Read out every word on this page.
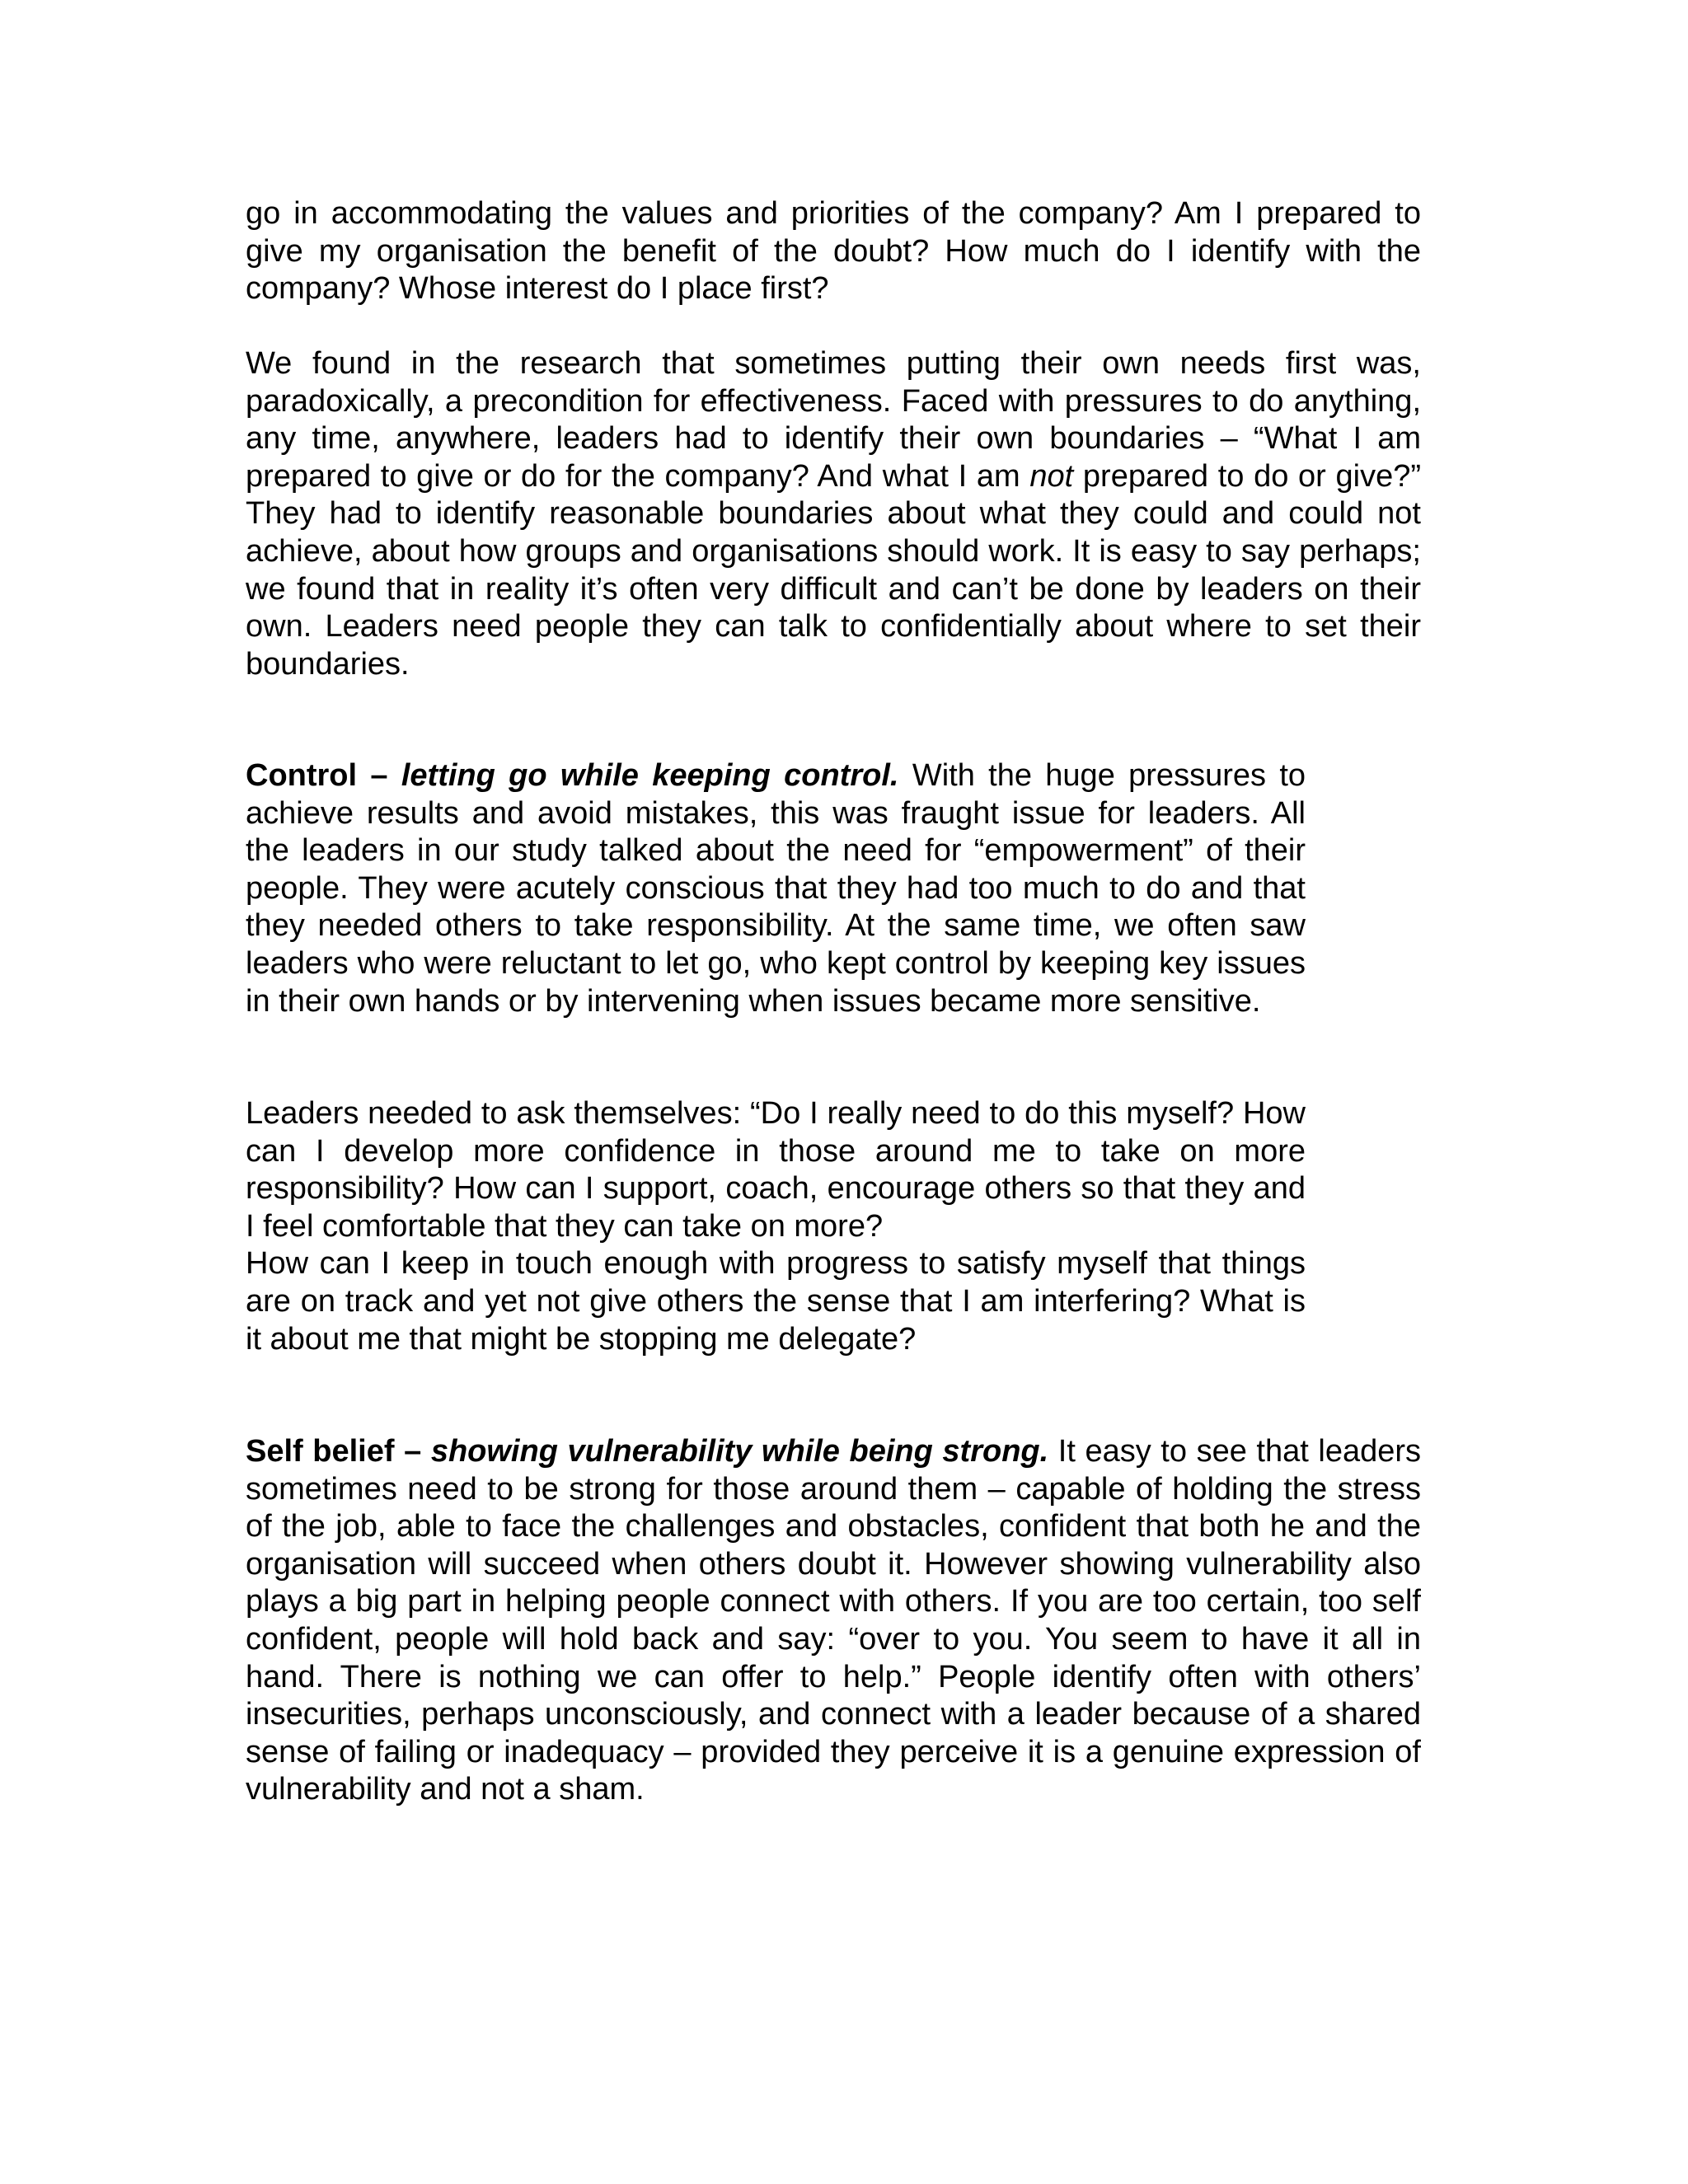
go in accommodating the values and priorities of the company? Am I prepared to give my organisation the benefit of the doubt? How much do I identify with the company? Whose interest do I place first?

We found in the research that sometimes putting their own needs first was, paradoxically, a precondition for effectiveness. Faced with pressures to do anything, any time, anywhere, leaders had to identify their own boundaries – “What I am prepared to give or do for the company? And what I am not prepared to do or give?” They had to identify reasonable boundaries about what they could and could not achieve, about how groups and organisations should work. It is easy to say perhaps; we found that in reality it’s often very difficult and can’t be done by leaders on their own. Leaders need people they can talk to confidentially about where to set their boundaries.

Control – letting go while keeping control. With the huge pressures to achieve results and avoid mistakes, this was fraught issue for leaders. All the leaders in our study talked about the need for “empowerment” of their people. They were acutely conscious that they had too much to do and that they needed others to take responsibility. At the same time, we often saw leaders who were reluctant to let go, who kept control by keeping key issues in their own hands or by intervening when issues became more sensitive.

Leaders needed to ask themselves: “Do I really need to do this myself? How can I develop more confidence in those around me to take on more responsibility? How can I support, coach, encourage others so that they and I feel comfortable that they can take on more?
How can I keep in touch enough with progress to satisfy myself that things are on track and yet not give others the sense that I am interfering? What is it about me that might be stopping me delegate?

Self belief – showing vulnerability while being strong. It easy to see that leaders sometimes need to be strong for those around them – capable of holding the stress of the job, able to face the challenges and obstacles, confident that both he and the organisation will succeed when others doubt it. However showing vulnerability also plays a big part in helping people connect with others. If you are too certain, too self confident, people will hold back and say: “over to you. You seem to have it all in hand. There is nothing we can offer to help.” People identify often with others’ insecurities, perhaps unconsciously, and connect with a leader because of a shared sense of failing or inadequacy – provided they perceive it is a genuine expression of vulnerability and not a sham.
